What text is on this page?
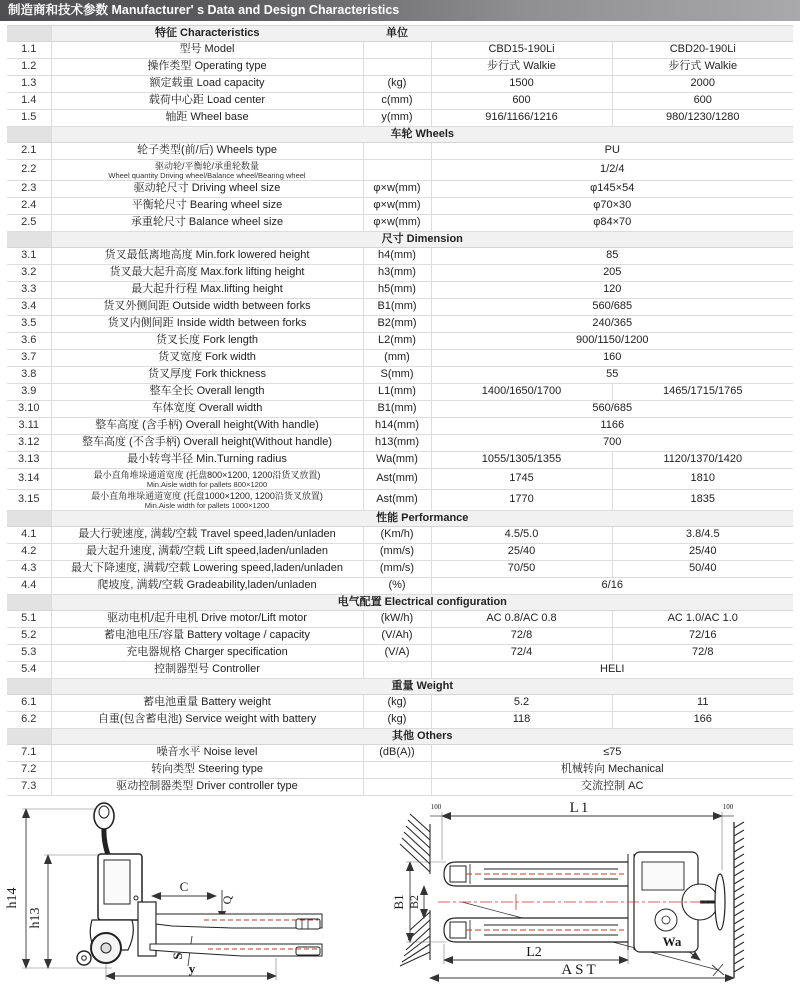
制造商和技术参数 Manufacturer' s Data and Design Characteristics
	特征 Characteristics	单位		
1.1	型号 Model		CBD15-190Li	CBD20-190Li
1.2	操作类型 Operating type		步行式 Walkie	步行式 Walkie
1.3	额定载重 Load capacity	(kg)	1500	2000
1.4	载荷中心距 Load center	c(mm)	600	600
1.5	轴距 Wheel base	y(mm)	916/1166/1216	980/1230/1280
	车轮 Wheels			
2.1	轮子类型(前/后) Wheels type		PU	
2.2	驱动轮/平衡轮/承重轮数量
Wheel quantity Driving wheel/Balance wheel/Bearing wheel		1/2/4	
2.3	驱动轮尺寸 Driving wheel size	φ×w(mm)	φ145×54	
2.4	平衡轮尺寸 Bearing wheel size	φ×w(mm)	φ70×30	
2.5	承重轮尺寸 Balance wheel size	φ×w(mm)	φ84×70	
	尺寸 Dimension			
3.1	货叉最低离地高度 Min.fork lowered height	h4(mm)	85	
3.2	货叉最大起升高度 Max.fork lifting height	h3(mm)	205	
3.3	最大起升行程 Max.lifting height	h5(mm)	120	
3.4	货叉外侧间距 Outside width between forks	B1(mm)	560/685	
3.5	货叉内侧间距 Inside width between forks	B2(mm)	240/365	
3.6	货叉长度 Fork length	L2(mm)	900/1150/1200	
3.7	货叉宽度 Fork width	(mm)	160	
3.8	货叉厚度 Fork thickness	S(mm)	55	
3.9	整车全长 Overall length	L1(mm)	1400/1650/1700	1465/1715/1765
3.10	车体宽度 Overall width	B1(mm)	560/685	
3.11	整车高度 (含手柄) Overall height(With handle)	h14(mm)	1166	
3.12	整车高度 (不含手柄) Overall height(Without handle)	h13(mm)	700	
3.13	最小转弯半径 Min.Turning radius	Wa(mm)	1055/1305/1355	1120/1370/1420
3.14	最小直角堆垛通道宽度 (托盘800×1200, 1200沿货叉放置)
Min.Aisle width for pallets 800×1200	Ast(mm)	1745	1810
3.15	最小直角堆垛通道宽度 (托盘1000×1200, 1200沿货叉放置)
Min.Aisle width for pallets 1000×1200	Ast(mm)	1770	1835
	性能 Performance			
4.1	最大行驶速度, 满载/空载 Travel speed,laden/unladen	(Km/h)	4.5/5.0	3.8/4.5
4.2	最大起升速度, 满载/空载 Lift speed,laden/unladen	(mm/s)	25/40	25/40
4.3	最大下降速度, 满载/空载 Lowering speed,laden/unladen	(mm/s)	70/50	50/40
4.4	爬坡度, 满载/空载 Gradeability,laden/unladen	(%)	6/16	
	电气配置 Electrical configuration			
5.1	驱动电机/起升电机 Drive motor/Lift motor	(kW/h)	AC 0.8/AC 0.8	AC 1.0/AC 1.0
5.2	蓄电池电压/容量 Battery voltage / capacity	(V/Ah)	72/8	72/16
5.3	充电器规格 Charger specification	(V/A)	72/4	72/8
5.4	控制器型号 Controller		HELI	
	重量 Weight			
6.1	蓄电池重量 Battery weight	(kg)	5.2	11
6.2	自重(包含蓄电池) Service weight with battery	(kg)	118	166
	其他 Others			
7.1	噪音水平 Noise level	(dB(A))	≤75	
7.2	转向类型 Steering type		机械转向 Mechanical	
7.3	驱动控制器类型 Driver controller type		交流控制 AC	
h14
h13
C
Q
S
y
L1
100	100
B1 B2
L2
AST
Wa
